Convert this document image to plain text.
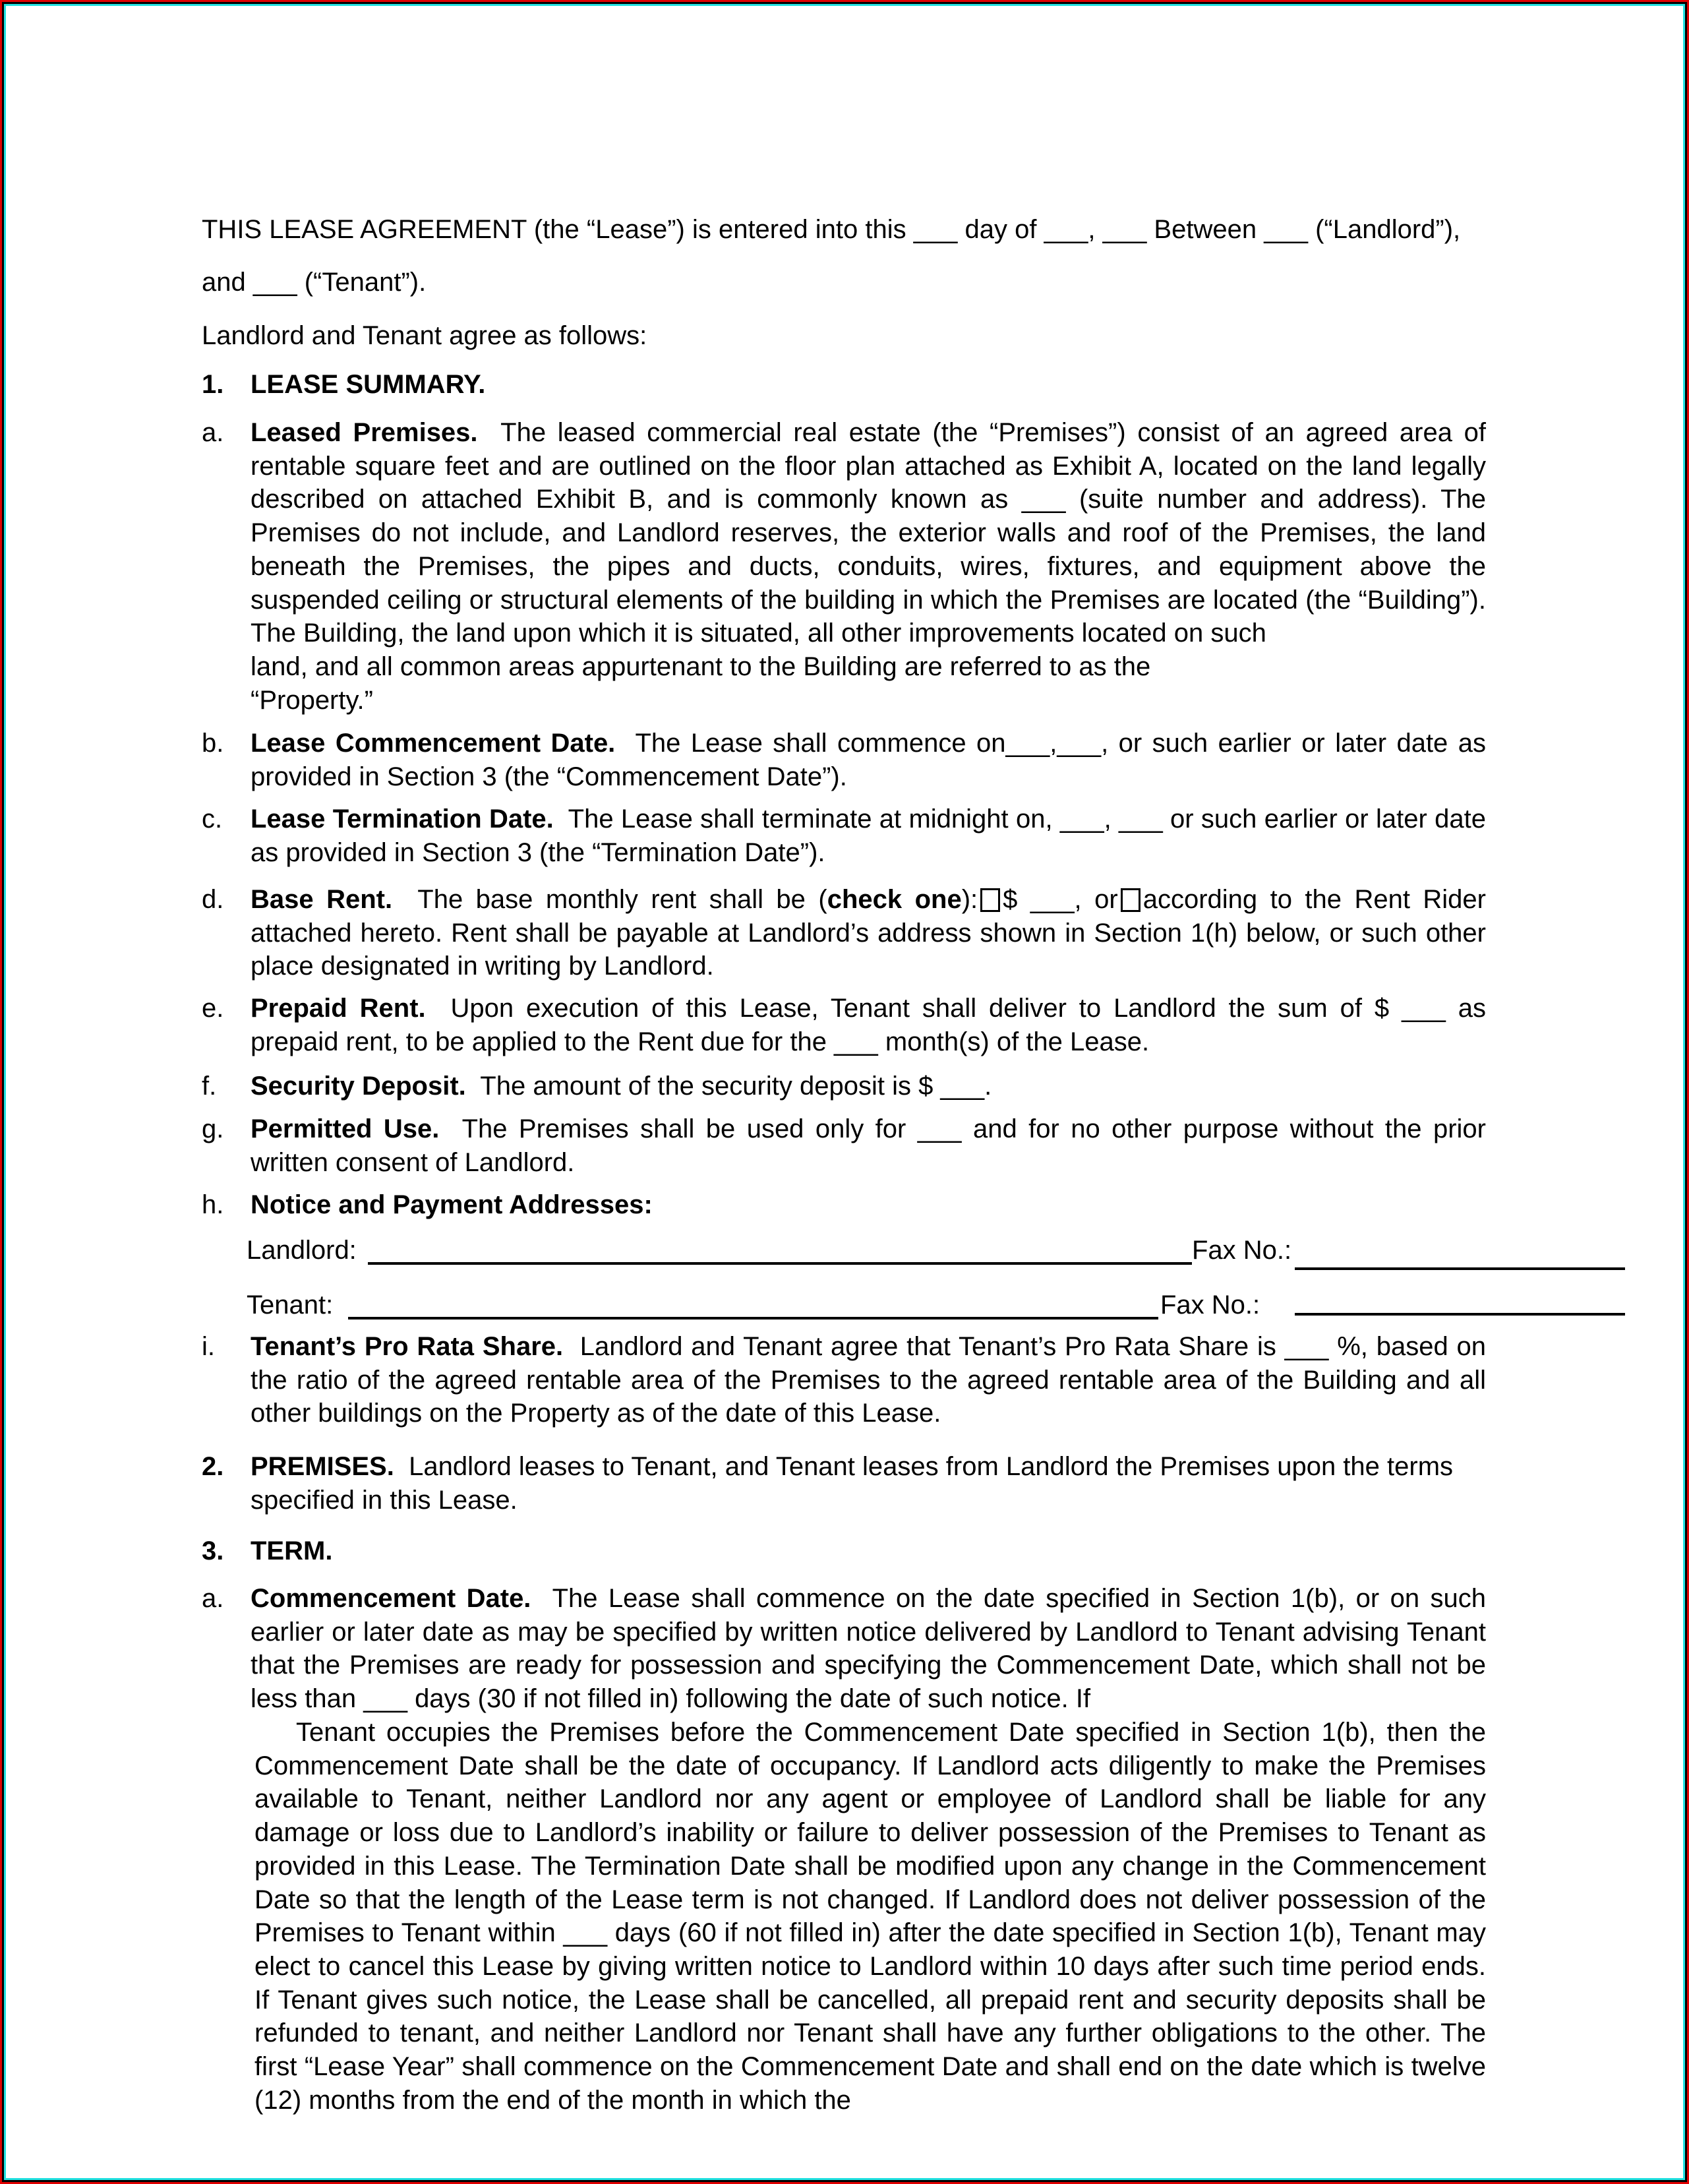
THIS LEASE AGREEMENT (the “Lease”) is entered into this ___ day of ___, ___ Between ___ (“Landlord”),
and ___ (“Tenant”).
Landlord and Tenant agree as follows:
1. LEASE SUMMARY.
a. Leased Premises. The leased commercial real estate (the “Premises”) consist of an agreed area of rentable square feet and are outlined on the floor plan attached as Exhibit A, located on the land legally described on attached Exhibit B, and is commonly known as ___ (suite number and address). The Premises do not include, and Landlord reserves, the exterior walls and roof of the Premises, the land beneath the Premises, the pipes and ducts, conduits, wires, fixtures, and equipment above the suspended ceiling or structural elements of the building in which the Premises are located (the “Building”). The Building, the land upon which it is situated, all other improvements located on such
land, and all common areas appurtenant to the Building are referred to as the
“Property.”
b. Lease Commencement Date. The Lease shall commence on___,___, or such earlier or later date as provided in Section 3 (the “Commencement Date”).
c. Lease Termination Date. The Lease shall terminate at midnight on, ___, ___ or such earlier or later date as provided in Section 3 (the “Termination Date”).
d. Base Rent. The base monthly rent shall be (check one): $ ___, or according to the Rent Rider attached hereto. Rent shall be payable at Landlord’s address shown in Section 1(h) below, or such other place designated in writing by Landlord.
e. Prepaid Rent. Upon execution of this Lease, Tenant shall deliver to Landlord the sum of $ ___ as prepaid rent, to be applied to the Rent due for the ___ month(s) of the Lease.
f. Security Deposit. The amount of the security deposit is $ ___.
g. Permitted Use. The Premises shall be used only for ___ and for no other purpose without the prior written consent of Landlord.
h. Notice and Payment Addresses:
Landlord:	Fax No.:
Tenant:	Fax No.:
i. Tenant’s Pro Rata Share. Landlord and Tenant agree that Tenant’s Pro Rata Share is ___ %, based on the ratio of the agreed rentable area of the Premises to the agreed rentable area of the Building and all other buildings on the Property as of the date of this Lease.
2. PREMISES. Landlord leases to Tenant, and Tenant leases from Landlord the Premises upon the terms specified in this Lease.
3. TERM.
a. Commencement Date. The Lease shall commence on the date specified in Section 1(b), or on such earlier or later date as may be specified by written notice delivered by Landlord to Tenant advising Tenant that the Premises are ready for possession and specifying the Commencement Date, which shall not be less than ___ days (30 if not filled in) following the date of such notice. If
Tenant occupies the Premises before the Commencement Date specified in Section 1(b), then the Commencement Date shall be the date of occupancy. If Landlord acts diligently to make the Premises available to Tenant, neither Landlord nor any agent or employee of Landlord shall be liable for any damage or loss due to Landlord’s inability or failure to deliver possession of the Premises to Tenant as provided in this Lease. The Termination Date shall be modified upon any change in the Commencement Date so that the length of the Lease term is not changed. If Landlord does not deliver possession of the Premises to Tenant within ___ days (60 if not filled in) after the date specified in Section 1(b), Tenant may elect to cancel this Lease by giving written notice to Landlord within 10 days after such time period ends. If Tenant gives such notice, the Lease shall be cancelled, all prepaid rent and security deposits shall be refunded to tenant, and neither Landlord nor Tenant shall have any further obligations to the other. The first “Lease Year” shall commence on the Commencement Date and shall end on the date which is twelve (12) months from the end of the month in which the
